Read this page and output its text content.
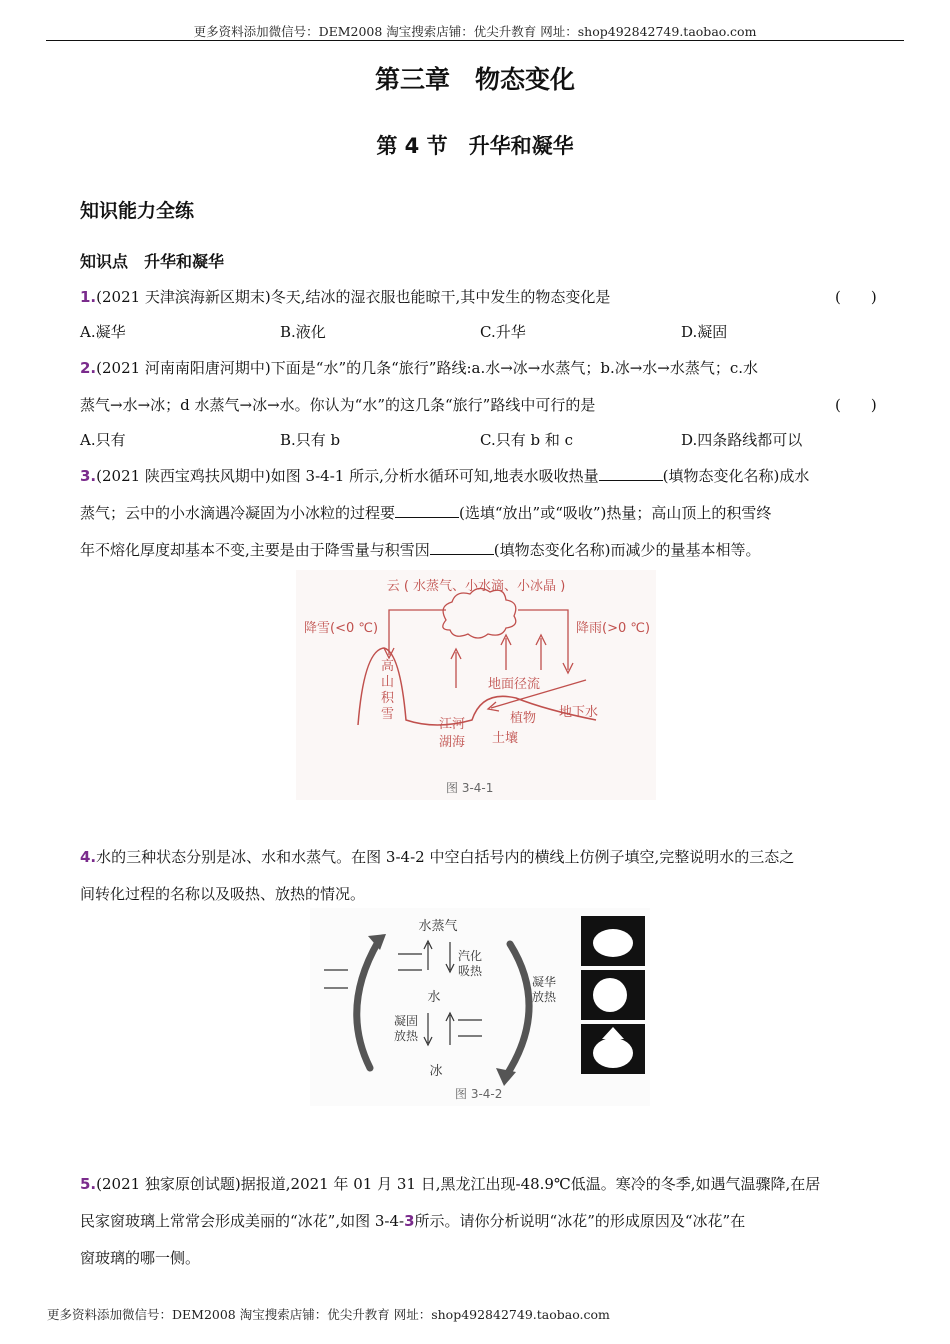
更多资料添加微信号：DEM2008 淘宝搜索店铺：优尖升教育 网址：shop492842749.taobao.com
第三章　物态变化
第 4 节　升华和凝华
知识能力全练
知识点　升华和凝华
1.(2021 天津滨海新区期末)冬天,结冰的湿衣服也能晾干,其中发生的物态变化是	(　　)
A.凝华	B.液化	C.升华	D.凝固
2.(2021 河南南阳唐河期中)下面是“水”的几条“旅行”路线:a.水→冰→水蒸气；b.冰→水→水蒸气；c.水
蒸气→水→冰；d 水蒸气→冰→水。你认为“水”的这几条“旅行”路线中可行的是	(　　)
A.只有	B.只有 b	C.只有 b 和 c	D.四条路线都可以
3.(2021 陕西宝鸡扶风期中)如图 3-4-1 所示,分析水循环可知,地表水吸收热量	(填物态变化名称)成水
蒸气；云中的小水滴遇冷凝固为小冰粒的过程要	(选填“放出”或“吸收”)热量；高山顶上的积雪终
年不熔化厚度却基本不变,主要是由于降雪量与积雪因	(填物态变化名称)而减少的量基本相等。
云 ( 水蒸气、小水滴、小冰晶 )
降雪(<0 ℃)	降雨(>0 ℃)
高
山
积
雪
江河
湖海
地面径流
植物
土壤
地下水
图 3-4-1
4.水的三种状态分别是冰、水和水蒸气。在图 3-4-2 中空白括号内的横线上仿例子填空,完整说明水的三态之
间转化过程的名称以及吸热、放热的情况。
水蒸气
水
冰
汽化
吸热
凝固
放热
凝华
放热
图 3-4-2
5.(2021 独家原创试题)据报道,2021 年 01 月 31 日,黑龙江出现-48.9℃低温。寒冷的冬季,如遇气温骤降,在居
民家窗玻璃上常常会形成美丽的“冰花”,如图 3-4-3所示。请你分析说明“冰花”的形成原因及“冰花”在
窗玻璃的哪一侧。
更多资料添加微信号：DEM2008 淘宝搜索店铺：优尖升教育 网址：shop492842749.taobao.com
